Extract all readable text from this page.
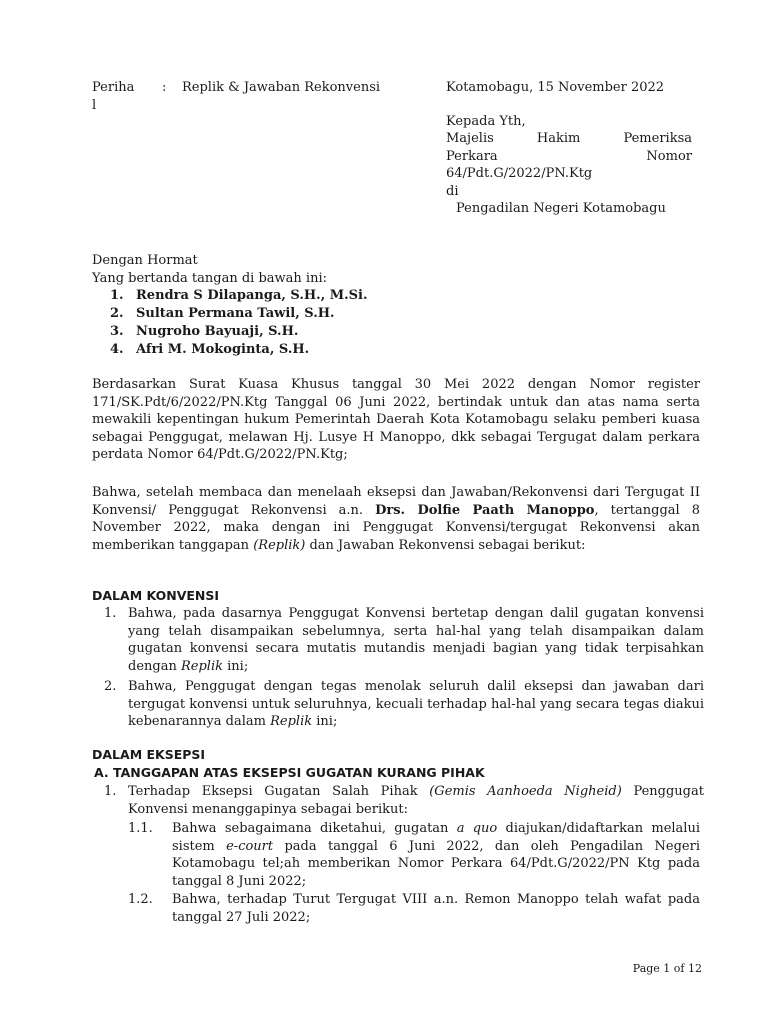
Periha
l
: Replik & Jawaban Rekonvensi	Kotamobagu, 15 November 2022
Kepada Yth,
Majelis Hakim Pemeriksa
Perkara Nomor
64/Pdt.G/2022/PN.Ktg
di
Pengadilan Negeri Kotamobagu
Dengan Hormat
Yang bertanda tangan di bawah ini:
1. Rendra S Dilapanga, S.H., M.Si.
2. Sultan Permana Tawil, S.H.
3. Nugroho Bayuaji, S.H.
4. Afri M. Mokoginta, S.H.
Berdasarkan Surat Kuasa Khusus tanggal 30 Mei 2022 dengan Nomor register 171/SK.Pdt/6/2022/PN.Ktg Tanggal 06 Juni 2022, bertindak untuk dan atas nama serta mewakili kepentingan hukum Pemerintah Daerah Kota Kotamobagu selaku pemberi kuasa sebagai Penggugat, melawan Hj. Lusye H Manoppo, dkk sebagai Tergugat dalam perkara perdata Nomor 64/Pdt.G/2022/PN.Ktg;
Bahwa, setelah membaca dan menelaah eksepsi dan Jawaban/Rekonvensi dari Tergugat II Konvensi/ Penggugat Rekonvensi a.n. Drs. Dolfie Paath Manoppo, tertanggal 8 November 2022, maka dengan ini Penggugat Konvensi/tergugat Rekonvensi akan memberikan tanggapan (Replik) dan Jawaban Rekonvensi sebagai berikut:
DALAM KONVENSI
1. Bahwa, pada dasarnya Penggugat Konvensi bertetap dengan dalil gugatan konvensi yang telah disampaikan sebelumnya, serta hal-hal yang telah disampaikan dalam gugatan konvensi secara mutatis mutandis menjadi bagian yang tidak terpisahkan dengan Replik ini;
2. Bahwa, Penggugat dengan tegas menolak seluruh dalil eksepsi dan jawaban dari tergugat konvensi untuk seluruhnya, kecuali terhadap hal-hal yang secara tegas diakui kebenarannya dalam Replik ini;
DALAM EKSEPSI
A. TANGGAPAN ATAS EKSEPSI GUGATAN KURANG PIHAK
1. Terhadap Eksepsi Gugatan Salah Pihak (Gemis Aanhoeda Nigheid) Penggugat Konvensi menanggapinya sebagai berikut:
1.1. Bahwa sebagaimana diketahui, gugatan a quo diajukan/didaftarkan melalui sistem e-court pada tanggal 6 Juni 2022, dan oleh Pengadilan Negeri Kotamobagu tel;ah memberikan Nomor Perkara 64/Pdt.G/2022/PN Ktg pada tanggal 8 Juni 2022;
1.2. Bahwa, terhadap Turut Tergugat VIII a.n. Remon Manoppo telah wafat pada tanggal 27 Juli 2022;
Page 1 of 12
